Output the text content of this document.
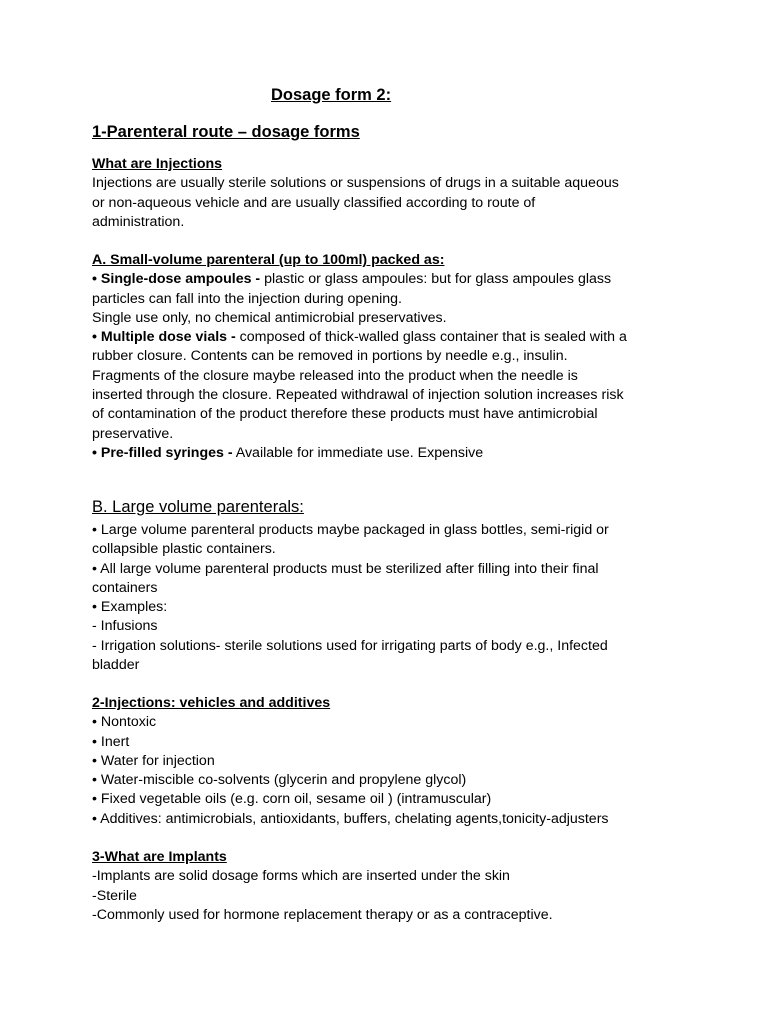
Dosage form 2:
1-Parenteral route – dosage forms
What are Injections
Injections are usually sterile solutions or suspensions of drugs in a suitable aqueous
or non-aqueous vehicle and are usually classified according to route of
administration.
A. Small-volume parenteral (up to 100ml) packed as:
• Single-dose ampoules - plastic or glass ampoules: but for glass ampoules glass
particles can fall into the injection during opening.
Single use only, no chemical antimicrobial preservatives.
• Multiple dose vials - composed of thick-walled glass container that is sealed with a
rubber closure. Contents can be removed in portions by needle e.g., insulin.
Fragments of the closure maybe released into the product when the needle is
inserted through the closure. Repeated withdrawal of injection solution increases risk
of contamination of the product therefore these products must have antimicrobial
preservative.
• Pre-filled syringes - Available for immediate use. Expensive
B. Large volume parenterals:
• Large volume parenteral products maybe packaged in glass bottles, semi-rigid or
collapsible plastic containers.
• All large volume parenteral products must be sterilized after filling into their final
containers
• Examples:
- Infusions
- Irrigation solutions- sterile solutions used for irrigating parts of body e.g., Infected
bladder
2-Injections: vehicles and additives
• Nontoxic
• Inert
• Water for injection
• Water-miscible co-solvents (glycerin and propylene glycol)
• Fixed vegetable oils (e.g. corn oil, sesame oil ) (intramuscular)
• Additives: antimicrobials, antioxidants, buffers, chelating agents,tonicity-adjusters
3-What are Implants
-Implants are solid dosage forms which are inserted under the skin
-Sterile
-Commonly used for hormone replacement therapy or as a contraceptive.
